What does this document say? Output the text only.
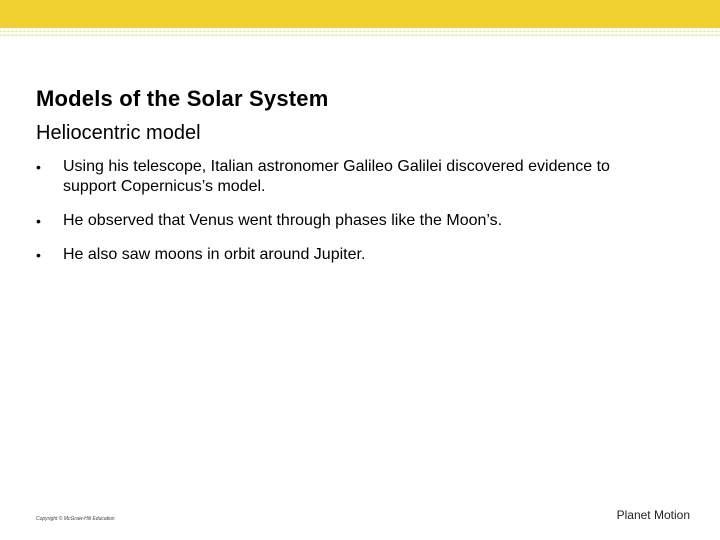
Models of the Solar System
Heliocentric model
•	Using his telescope, Italian astronomer Galileo Galilei discovered evidence to support Copernicus’s model.
•	He observed that Venus went through phases like the Moon’s.
•	He also saw moons in orbit around Jupiter.
Copyright © McGraw-Hill Education	Planet Motion
